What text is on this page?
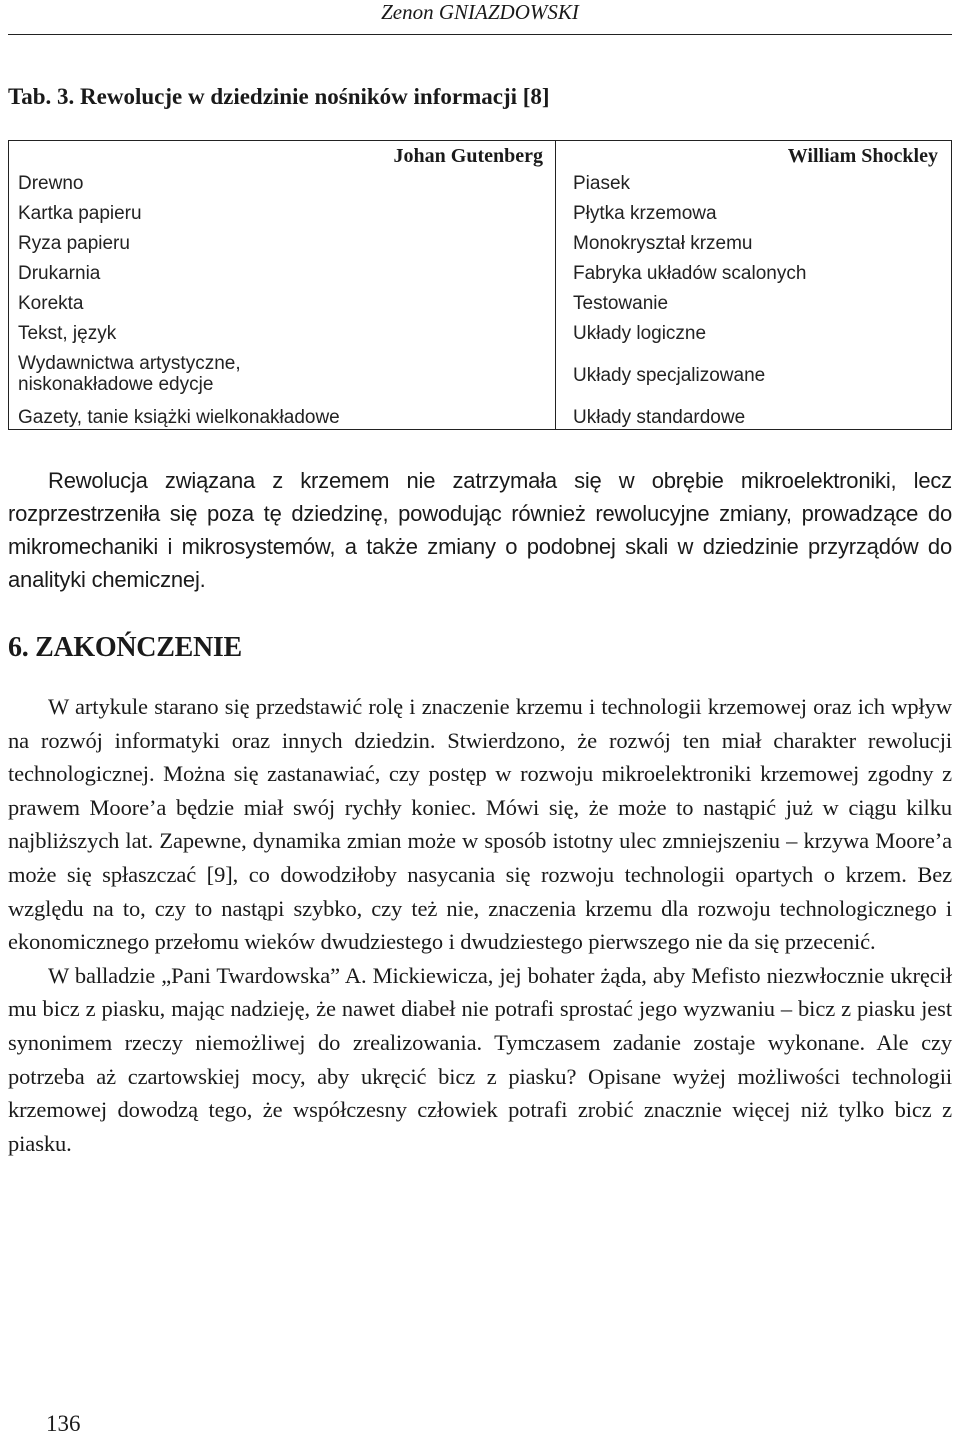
Zenon GNIAZDOWSKI
Tab. 3. Rewolucje w dziedzinie nośników informacji [8]
Johan Gutenberg
Drewno
Kartka papieru
Ryza papieru
Drukarnia
Korekta
Tekst, język
Wydawnictwa artystyczne,
niskonakładowe edycje
Gazety, tanie książki wielkonakładowe
William Shockley
Piasek
Płytka krzemowa
Monokryształ krzemu
Fabryka układów scalonych
Testowanie
Układy logiczne
Układy specjalizowane
Układy standardowe

Rewolucja związana z krzemem nie zatrzymała się w obrębie mikroelektroniki, lecz rozprzestrzeniła się poza tę dziedzinę, powodując również rewolucyjne zmiany, prowadzące do mikromechaniki i mikrosystemów, a także zmiany o podobnej skali w dziedzinie przyrządów do analityki chemicznej.

6. ZAKOŃCZENIE

W artykule starano się przedstawić rolę i znaczenie krzemu i technologii krzemowej oraz ich wpływ na rozwój informatyki oraz innych dziedzin. Stwierdzono, że rozwój ten miał charakter rewolucji technologicznej. Można się zastanawiać, czy postęp w rozwoju mikroelektroniki krzemowej zgodny z prawem Moore’a będzie miał swój rychły koniec. Mówi się, że może to nastąpić już w ciągu kilku najbliższych lat. Zapewne, dynamika zmian może w sposób istotny ulec zmniejszeniu – krzywa Moore’a może się spłaszczać [9], co dowodziłoby nasycania się rozwoju technologii opartych o krzem. Bez względu na to, czy to nastąpi szybko, czy też nie, znaczenia krzemu dla rozwoju technologicznego i ekonomicznego przełomu wieków dwudziestego i dwudziestego pierwszego nie da się przecenić.

W balladzie „Pani Twardowska” A. Mickiewicza, jej bohater żąda, aby Mefisto niezwłocznie ukręcił mu bicz z piasku, mając nadzieję, że nawet diabeł nie potrafi sprostać jego wyzwaniu – bicz z piasku jest synonimem rzeczy niemożliwej do zrealizowania. Tymczasem zadanie zostaje wykonane. Ale czy potrzeba aż czartowskiej mocy, aby ukręcić bicz z piasku? Opisane wyżej możliwości technologii krzemowej dowodzą tego, że współczesny człowiek potrafi zrobić znacznie więcej niż tylko bicz z piasku.

136
